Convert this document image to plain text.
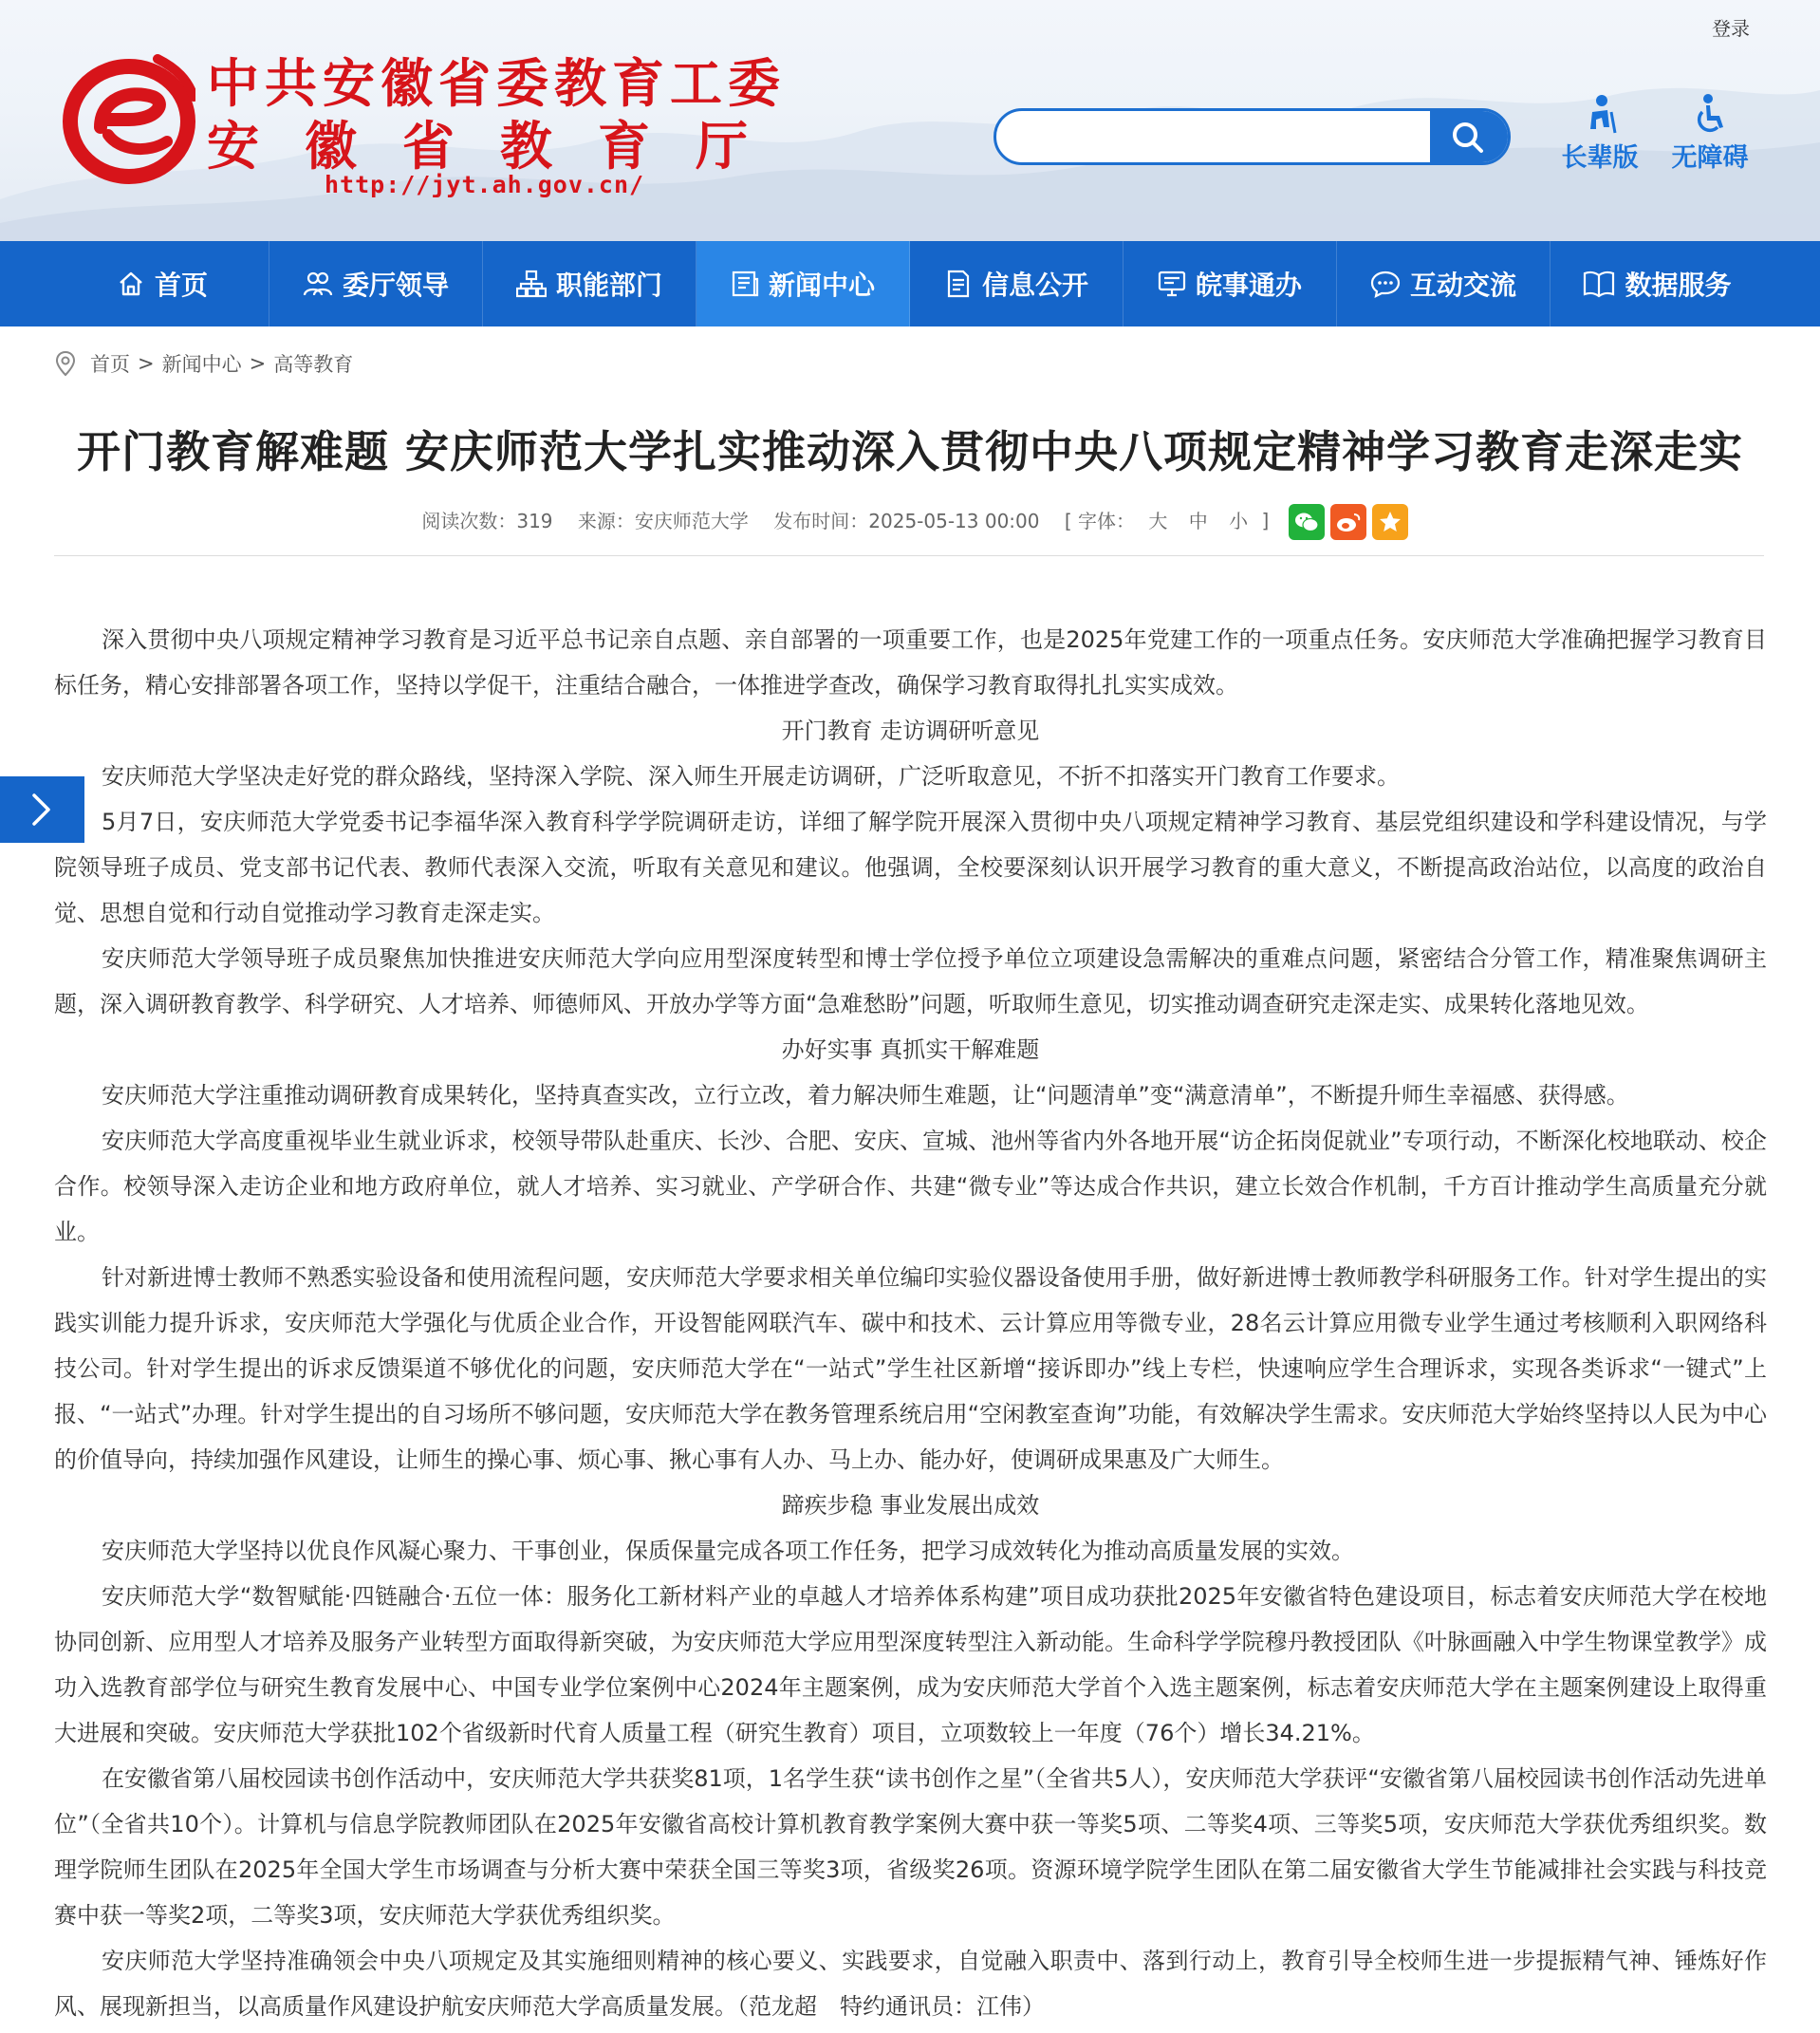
登录
中共安徽省委教育工委
安徽省教育厅
http://jyt.ah.gov.cn/
长辈版	无障碍
首页	委厅领导	职能部门	新闻中心	信息公开	皖事通办	互动交流	数据服务
首页 > 新闻中心 > 高等教育
开门教育解难题 安庆师范大学扎实推动深入贯彻中央八项规定精神学习教育走深走实
阅读次数：319 来源：安庆师范大学 发布时间：2025-05-13 00:00 [ 字体： 大 中 小 ]

深入贯彻中央八项规定精神学习教育是习近平总书记亲自点题、亲自部署的一项重要工作，也是2025年党建工作的一项重点任务。安庆师范大学准确把握学习教育目标任务，精心安排部署各项工作，坚持以学促干，注重结合融合，一体推进学查改，确保学习教育取得扎扎实实成效。

开门教育 走访调研听意见

安庆师范大学坚决走好党的群众路线，坚持深入学院、深入师生开展走访调研，广泛听取意见，不折不扣落实开门教育工作要求。

5月7日，安庆师范大学党委书记李福华深入教育科学学院调研走访，详细了解学院开展深入贯彻中央八项规定精神学习教育、基层党组织建设和学科建设情况，与学院领导班子成员、党支部书记代表、教师代表深入交流，听取有关意见和建议。他强调，全校要深刻认识开展学习教育的重大意义，不断提高政治站位，以高度的政治自觉、思想自觉和行动自觉推动学习教育走深走实。

安庆师范大学领导班子成员聚焦加快推进安庆师范大学向应用型深度转型和博士学位授予单位立项建设急需解决的重难点问题，紧密结合分管工作，精准聚焦调研主题，深入调研教育教学、科学研究、人才培养、师德师风、开放办学等方面“急难愁盼”问题，听取师生意见，切实推动调查研究走深走实、成果转化落地见效。

办好实事 真抓实干解难题

安庆师范大学注重推动调研教育成果转化，坚持真查实改，立行立改，着力解决师生难题，让“问题清单”变“满意清单”，不断提升师生幸福感、获得感。

安庆师范大学高度重视毕业生就业诉求，校领导带队赴重庆、长沙、合肥、安庆、宣城、池州等省内外各地开展“访企拓岗促就业”专项行动，不断深化校地联动、校企合作。校领导深入走访企业和地方政府单位，就人才培养、实习就业、产学研合作、共建“微专业”等达成合作共识，建立长效合作机制，千方百计推动学生高质量充分就业。

针对新进博士教师不熟悉实验设备和使用流程问题，安庆师范大学要求相关单位编印实验仪器设备使用手册，做好新进博士教师教学科研服务工作。针对学生提出的实践实训能力提升诉求，安庆师范大学强化与优质企业合作，开设智能网联汽车、碳中和技术、云计算应用等微专业，28名云计算应用微专业学生通过考核顺利入职网络科技公司。针对学生提出的诉求反馈渠道不够优化的问题，安庆师范大学在“一站式”学生社区新增“接诉即办”线上专栏，快速响应学生合理诉求，实现各类诉求“一键式”上报、“一站式”办理。针对学生提出的自习场所不够问题，安庆师范大学在教务管理系统启用“空闲教室查询”功能，有效解决学生需求。安庆师范大学始终坚持以人民为中心的价值导向，持续加强作风建设，让师生的操心事、烦心事、揪心事有人办、马上办、能办好，使调研成果惠及广大师生。

蹄疾步稳 事业发展出成效

安庆师范大学坚持以优良作风凝心聚力、干事创业，保质保量完成各项工作任务，把学习成效转化为推动高质量发展的实效。

安庆师范大学“数智赋能·四链融合·五位一体：服务化工新材料产业的卓越人才培养体系构建”项目成功获批2025年安徽省特色建设项目，标志着安庆师范大学在校地协同创新、应用型人才培养及服务产业转型方面取得新突破，为安庆师范大学应用型深度转型注入新动能。生命科学学院穆丹教授团队《叶脉画融入中学生物课堂教学》成功入选教育部学位与研究生教育发展中心、中国专业学位案例中心2024年主题案例，成为安庆师范大学首个入选主题案例，标志着安庆师范大学在主题案例建设上取得重大进展和突破。安庆师范大学获批102个省级新时代育人质量工程（研究生教育）项目，立项数较上一年度（76个）增长34.21%。

在安徽省第八届校园读书创作活动中，安庆师范大学共获奖81项，1名学生获“读书创作之星”（全省共5人），安庆师范大学获评“安徽省第八届校园读书创作活动先进单位”（全省共10个）。计算机与信息学院教师团队在2025年安徽省高校计算机教育教学案例大赛中获一等奖5项、二等奖4项、三等奖5项，安庆师范大学获优秀组织奖。数理学院师生团队在2025年全国大学生市场调查与分析大赛中荣获全国三等奖3项，省级奖26项。资源环境学院学生团队在第二届安徽省大学生节能减排社会实践与科技竞赛中获一等奖2项，二等奖3项，安庆师范大学获优秀组织奖。

安庆师范大学坚持准确领会中央八项规定及其实施细则精神的核心要义、实践要求，自觉融入职责中、落到行动上，教育引导全校师生进一步提振精气神、锤炼好作风、展现新担当，以高质量作风建设护航安庆师范大学高质量发展。（范龙超　特约通讯员：江伟）
